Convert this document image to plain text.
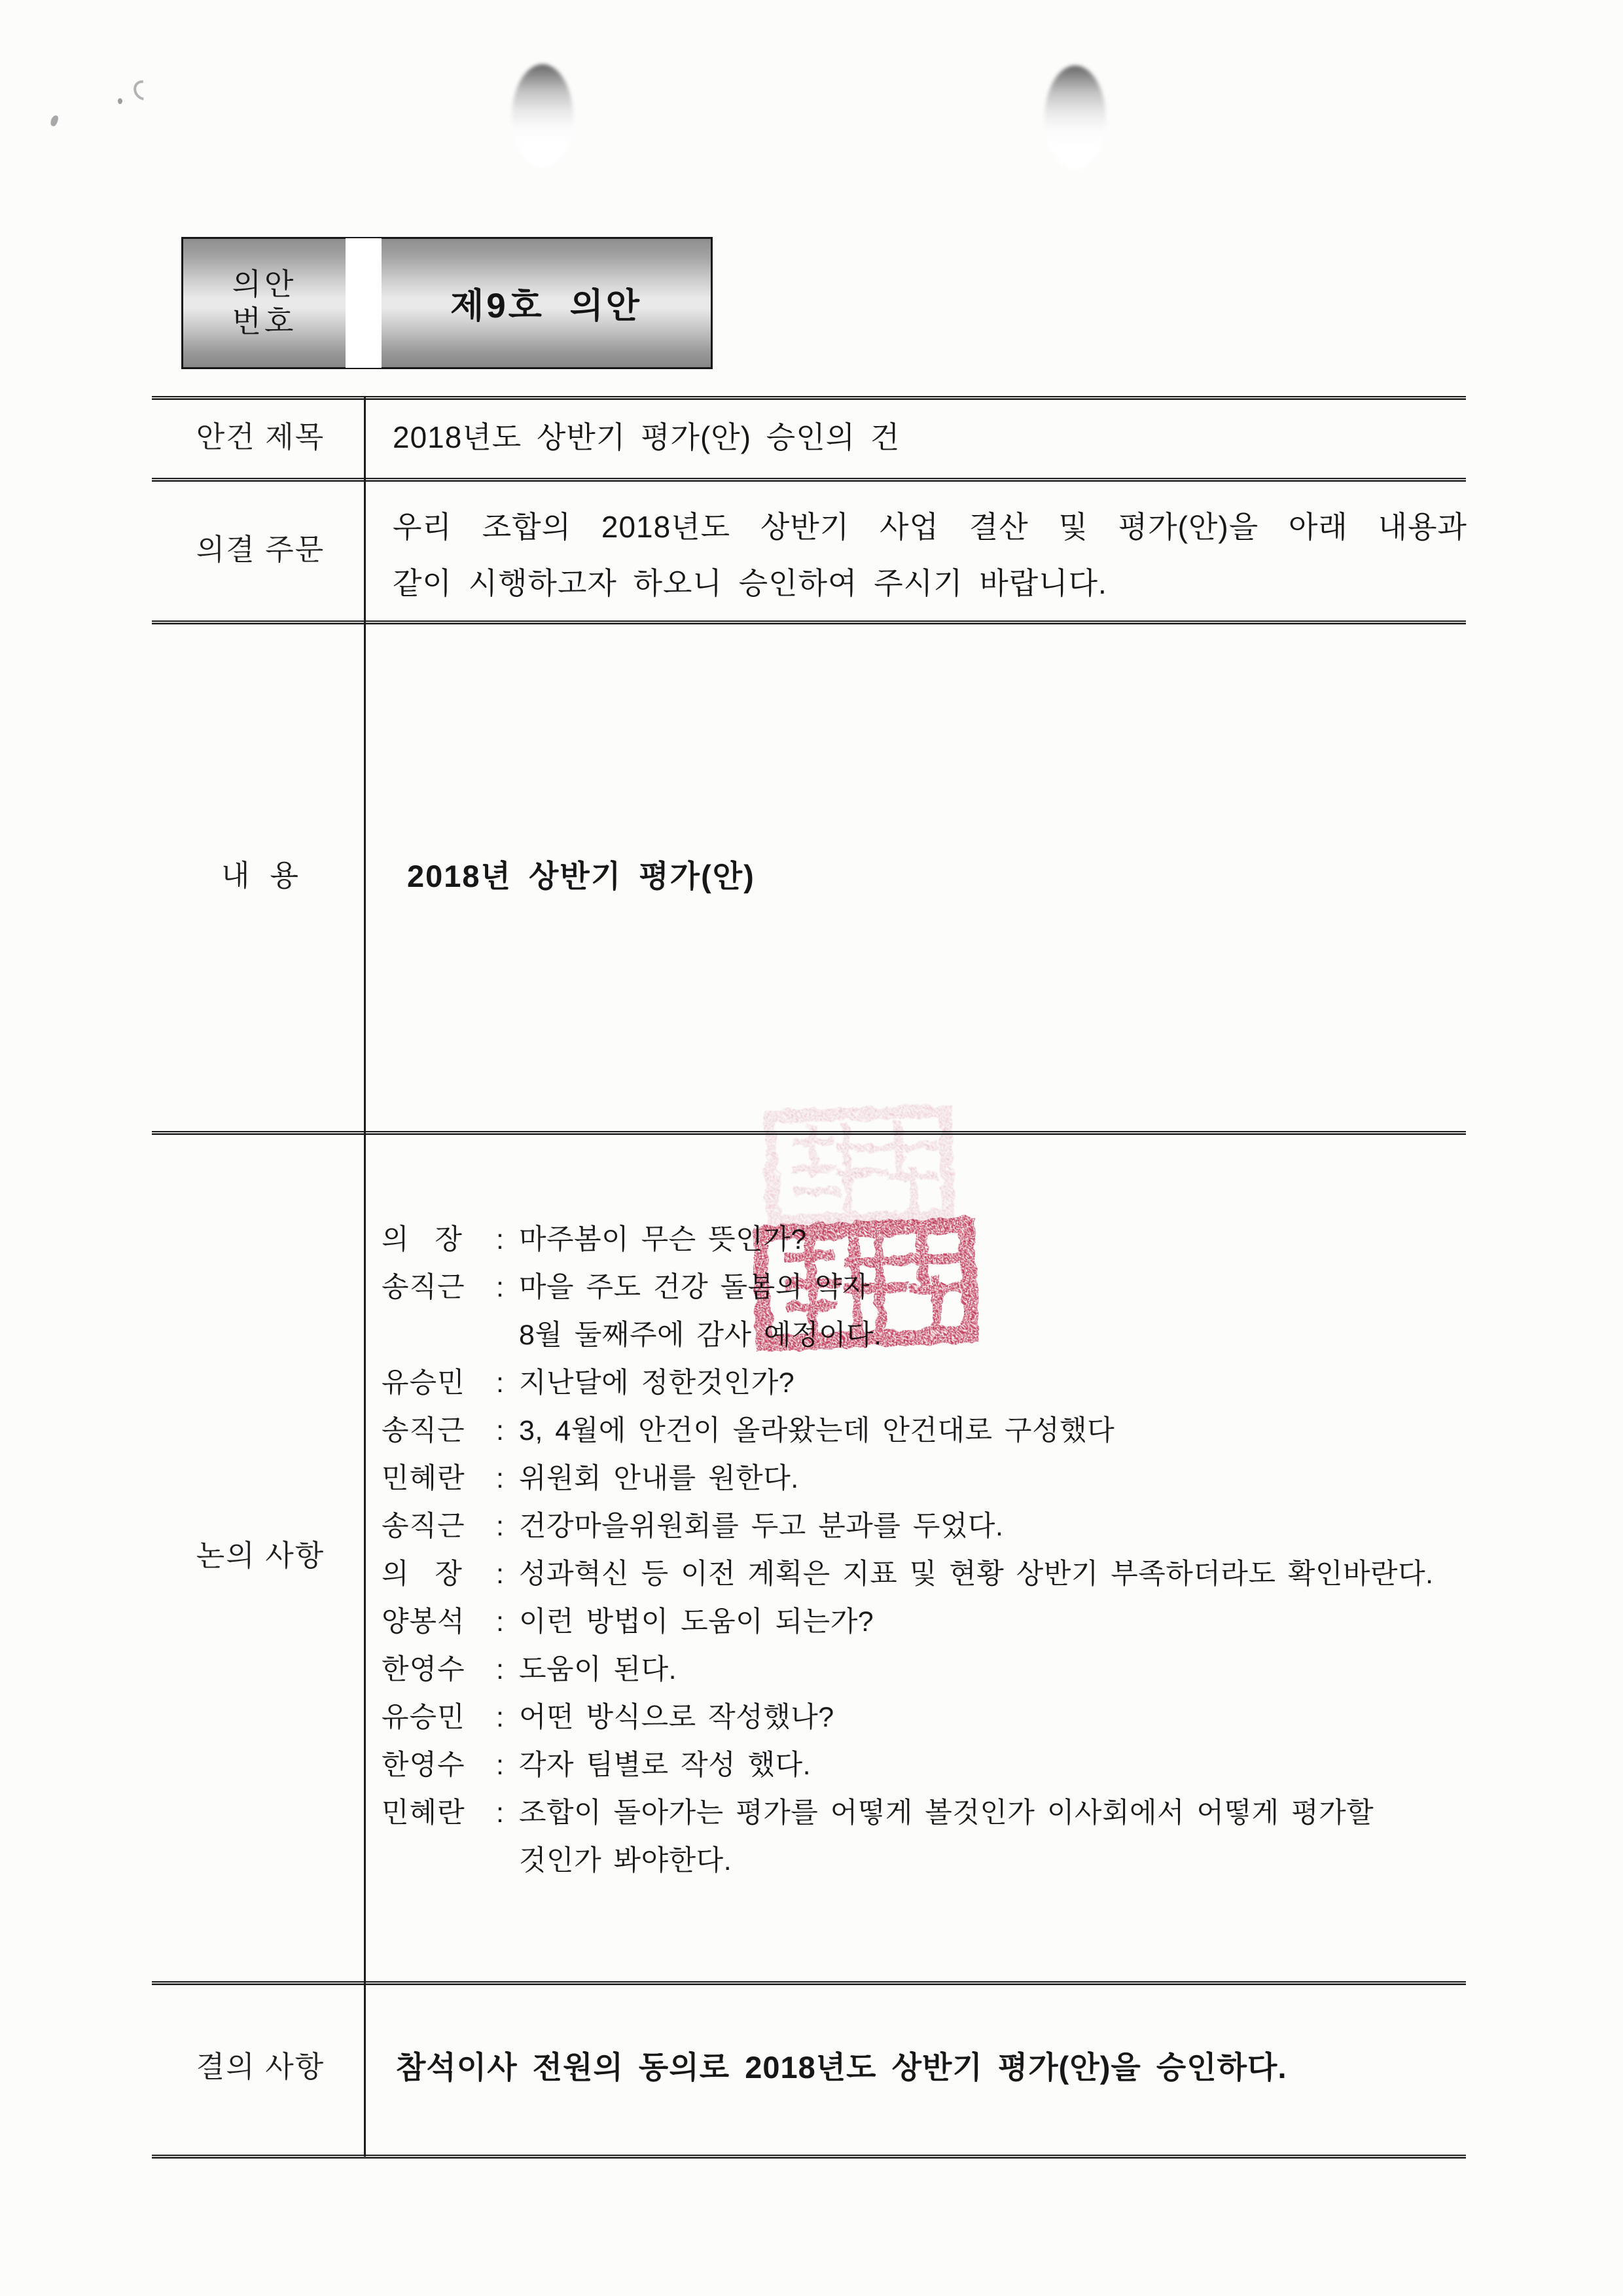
의안
번호	제9호 의안
안건 제목
의결 주문
내  용
논의 사항
결의 사항
2018년도 상반기 평가(안) 승인의 건
우리 조합의 2018년도 상반기 사업 결산 및 평가(안)을 아래 내용과
같이 시행하고자 하오니 승인하여 주시기 바랍니다.
2018년 상반기 평가(안)
의   장 : 마주봄이 무슨 뜻인가?
송직근 : 마을 주도 건강 돌봄의 약자
8월 둘째주에 감사 예정이다.
유승민 : 지난달에 정한것인가?
송직근 : 3, 4월에 안건이 올라왔는데 안건대로 구성했다
민혜란 : 위원회 안내를 원한다.
송직근 : 건강마을위원회를 두고 분과를 두었다.
의   장 : 성과혁신 등 이전 계획은 지표 및 현황 상반기 부족하더라도 확인바란다.
양봉석 : 이런 방법이 도움이 되는가?
한영수 : 도움이 된다.
유승민 : 어떤 방식으로 작성했나?
한영수 : 각자 팀별로 작성 했다.
민혜란 : 조합이 돌아가는 평가를 어떻게 볼것인가 이사회에서 어떻게 평가할
것인가 봐야한다.
참석이사 전원의 동의로 2018년도 상반기 평가(안)을 승인하다.
